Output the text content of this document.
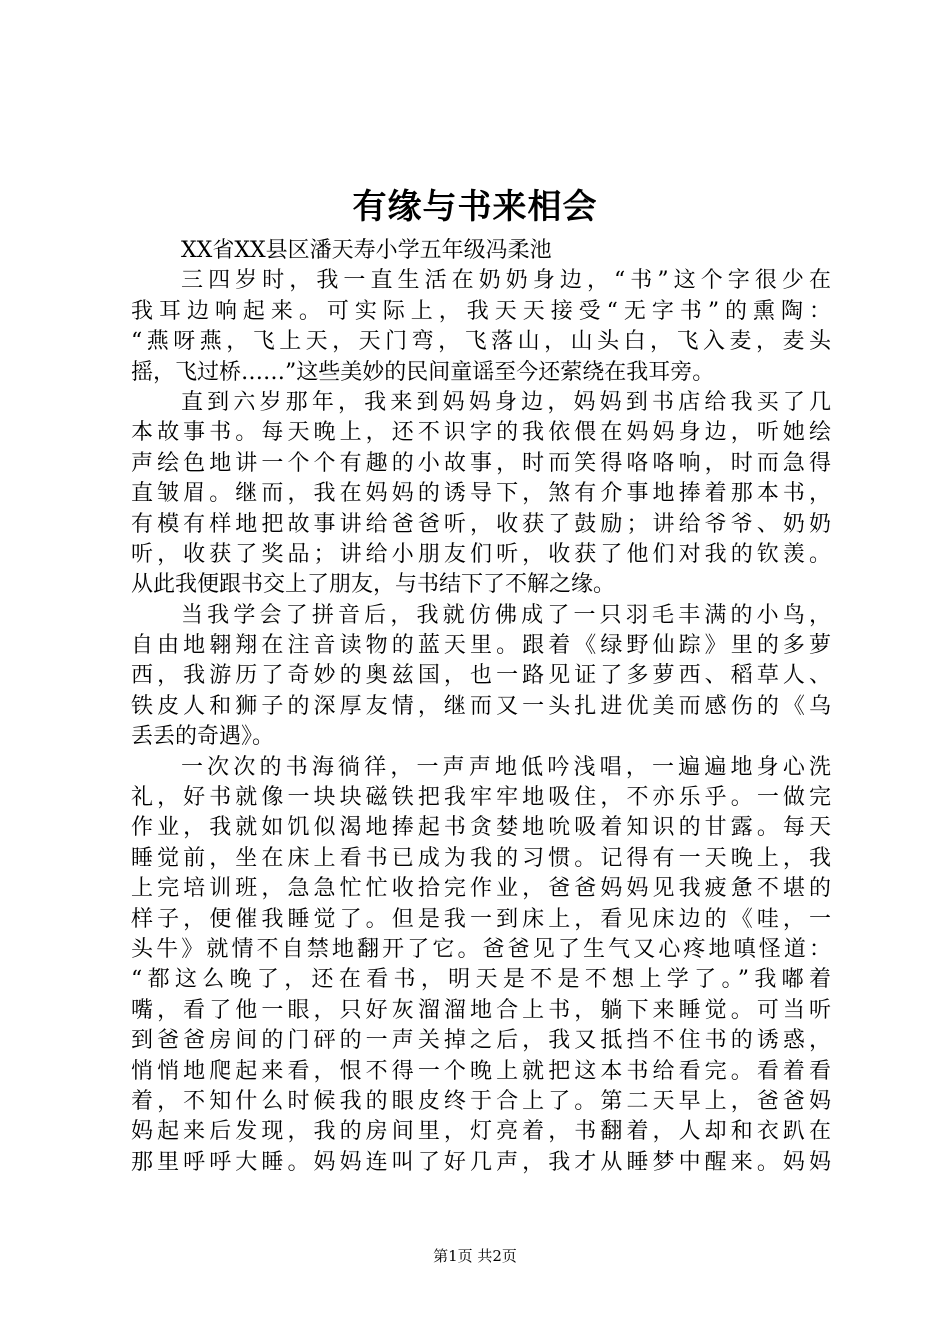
有缘与书来相会
XX省XX县区潘天寿小学五年级冯柔池
三四岁时，我一直生活在奶奶身边，“书”这个字很少在
我耳边响起来。可实际上，我天天接受“无字书”的熏陶：
“燕呀燕，飞上天，天门弯，飞落山，山头白，飞入麦，麦头
摇，飞过桥……”这些美妙的民间童谣至今还萦绕在我耳旁。
直到六岁那年，我来到妈妈身边，妈妈到书店给我买了几
本故事书。每天晚上，还不识字的我依偎在妈妈身边，听她绘
声绘色地讲一个个有趣的小故事，时而笑得咯咯响，时而急得
直皱眉。继而，我在妈妈的诱导下，煞有介事地捧着那本书，
有模有样地把故事讲给爸爸听，收获了鼓励；讲给爷爷、奶奶
听，收获了奖品；讲给小朋友们听，收获了他们对我的钦羡。
从此我便跟书交上了朋友，与书结下了不解之缘。
当我学会了拼音后，我就仿佛成了一只羽毛丰满的小鸟，
自由地翱翔在注音读物的蓝天里。跟着《绿野仙踪》里的多萝
西，我游历了奇妙的奥兹国，也一路见证了多萝西、稻草人、
铁皮人和狮子的深厚友情，继而又一头扎进优美而感伤的《乌
丢丢的奇遇》。
一次次的书海徜徉，一声声地低吟浅唱，一遍遍地身心洗
礼，好书就像一块块磁铁把我牢牢地吸住，不亦乐乎。一做完
作业，我就如饥似渴地捧起书贪婪地吮吸着知识的甘露。每天
睡觉前，坐在床上看书已成为我的习惯。记得有一天晚上，我
上完培训班，急急忙忙收拾完作业，爸爸妈妈见我疲惫不堪的
样子，便催我睡觉了。但是我一到床上，看见床边的《哇，一
头牛》就情不自禁地翻开了它。爸爸见了生气又心疼地嗔怪道：
“都这么晚了，还在看书，明天是不是不想上学了。”我嘟着
嘴，看了他一眼，只好灰溜溜地合上书，躺下来睡觉。可当听
到爸爸房间的门砰的一声关掉之后，我又抵挡不住书的诱惑，
悄悄地爬起来看，恨不得一个晚上就把这本书给看完。看着看
着，不知什么时候我的眼皮终于合上了。第二天早上，爸爸妈
妈起来后发现，我的房间里，灯亮着，书翻着，人却和衣趴在
那里呼呼大睡。妈妈连叫了好几声，我才从睡梦中醒来。妈妈
第1页 共2页
